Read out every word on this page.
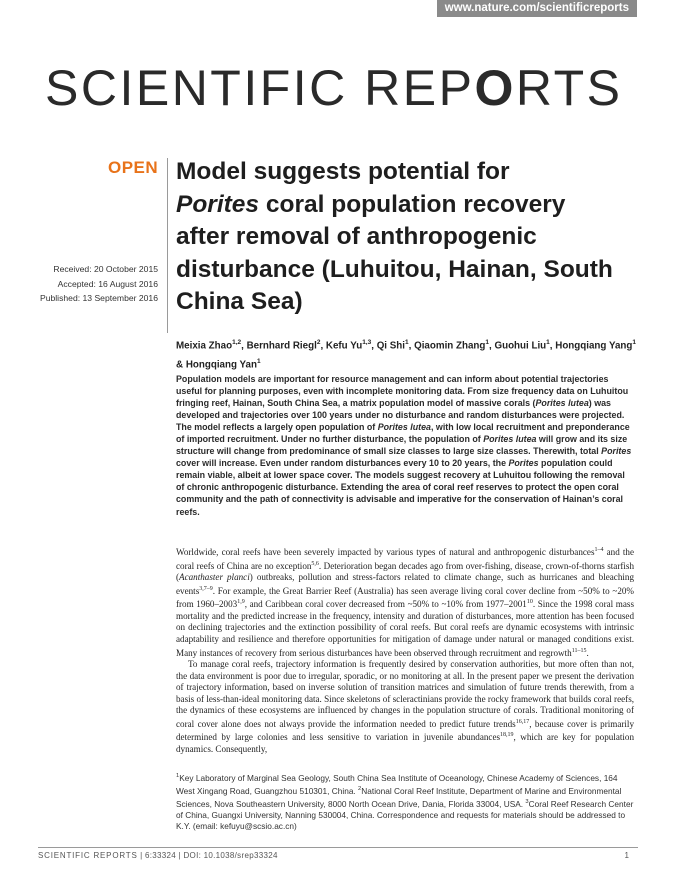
www.nature.com/scientificreports
SCIENTIFIC REPORTS
OPEN Model suggests potential for
Porites coral population recovery after removal of anthropogenic disturbance (Luhuitou, Hainan, South China Sea)
Received: 20 October 2015
Accepted: 16 August 2016
Published: 13 September 2016
Meixia Zhao$^{1,2}$, Bernhard Riegl$^2$, Kefu Yu$^{1,3}$, Qi Shi$^1$, Qiaomin Zhang$^1$, Guohui Liu$^1$, Hongqiang Yang$^1$ & Hongqiang Yan$^1$
Population models are important for resource management and can inform about potential trajectories useful for planning purposes, even with incomplete monitoring data. From size frequency data on Luhuitou fringing reef, Hainan, South China Sea, a matrix population model of massive corals (Porites lutea) was developed and trajectories over 100 years under no disturbance and random disturbances were projected. The model reflects a largely open population of Porites lutea, with low local recruitment and preponderance of imported recruitment. Under no further disturbance, the population of Porites lutea will grow and its size structure will change from predominance of small size classes to large size classes. Therewith, total Porites cover will increase. Even under random disturbances every 10 to 20 years, the Porites population could remain viable, albeit at lower space cover. The models suggest recovery at Luhuitou following the removal of chronic anthropogenic disturbance. Extending the area of coral reef reserves to protect the open coral community and the path of connectivity is advisable and imperative for the conservation of Hainan’s coral reefs.

Worldwide, coral reefs have been severely impacted by various types of natural and anthropogenic disturbances$^{1-4}$ and the coral reefs of China are no exception$^{5,6}$. Deterioration began decades ago from over-fishing, disease, crown-of-thorns starfish (Acanthaster planci) outbreaks, pollution and stress-factors related to climate change, such as hurricanes and bleaching events$^{3,7-9}$. For example, the Great Barrier Reef (Australia) has seen average living coral cover decline from ~50% to ~20% from 1960–2003$^{1,9}$, and Caribbean coral cover decreased from ~50% to ~10% from 1977–2001$^{10}$. Since the 1998 coral mass mortality and the predicted increase in the frequency, intensity and duration of disturbances, more attention has been focused on declining trajectories and the extinction possibility of coral reefs. But coral reefs are dynamic ecosystems with intrinsic adaptability and resilience and therefore opportunities for mitigation of damage under natural or managed conditions exist. Many instances of recovery from serious disturbances have been observed through recruitment and regrowth$^{11-15}$.

To manage coral reefs, trajectory information is frequently desired by conservation authorities, but more often than not, the data environment is poor due to irregular, sporadic, or no monitoring at all. In the present paper we present the derivation of trajectory information, based on inverse solution of transition matrices and simulation of future trends therewith, from a basis of less-than-ideal monitoring data. Since skeletons of scleractinians provide the rocky framework that builds coral reefs, the dynamics of these ecosystems are influenced by changes in the population structure of corals. Traditional monitoring of coral cover alone does not always provide the information needed to predict future trends$^{16,17}$, because cover is primarily determined by large colonies and less sensitive to variation in juvenile abundances$^{18,19}$, which are key for population dynamics. Consequently,

$^1$Key Laboratory of Marginal Sea Geology, South China Sea Institute of Oceanology, Chinese Academy of Sciences, 164 West Xingang Road, Guangzhou 510301, China. $^2$National Coral Reef Institute, Department of Marine and Environmental Sciences, Nova Southeastern University, 8000 North Ocean Drive, Dania, Florida 33004, USA. $^3$Coral Reef Research Center of China, Guangxi University, Nanning 530004, China. Correspondence and requests for materials should be addressed to K.Y. (email: kefuyu@scsio.ac.cn)
SCIENTIFIC REPORTS | 6:33324 | DOI: 10.1038/srep33324	1
